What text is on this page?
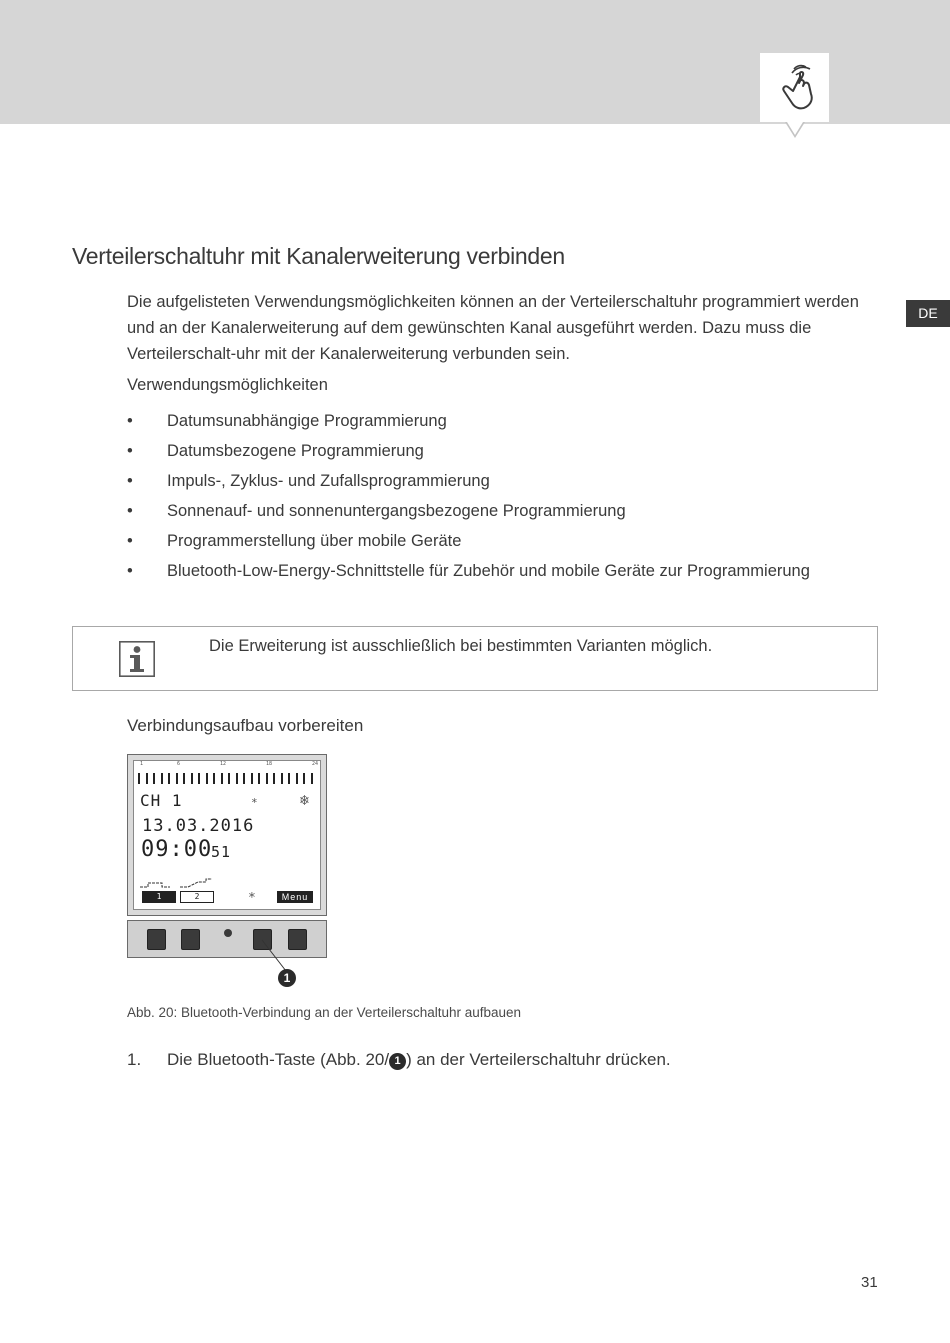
DE
Verteilerschaltuhr mit Kanalerweiterung verbinden

Die aufgelisteten Verwendungsmöglichkeiten können an der Verteilerschaltuhr programmiert werden und an der Kanalerweiterung auf dem gewünschten Kanal ausgeführt werden. Dazu muss die Verteilerschalt-uhr mit der Kanalerweiterung verbunden sein.

Verwendungsmöglichkeiten

• Datumsunabhängige Programmierung
• Datumsbezogene Programmierung
• Impuls-, Zyklus- und Zufallsprogrammierung
• Sonnenauf- und sonnenuntergangsbezogene Programmierung
• Programmerstellung über mobile Geräte
• Bluetooth-Low-Energy-Schnittstelle für Zubehör und mobile Geräte zur Programmierung
Die Erweiterung ist ausschließlich bei bestimmten Varianten möglich.
Verbindungsaufbau vorbereiten
1	6	12	18	24
CH 1	∗	❄
13.03.2016
09:00
51
1	2	∗	Menu
1

Abb. 20: Bluetooth-Verbindung an der Verteilerschaltuhr aufbauen

1. Die Bluetooth-Taste (Abb. 20/ 1 ) an der Verteilerschaltuhr drücken.
31
